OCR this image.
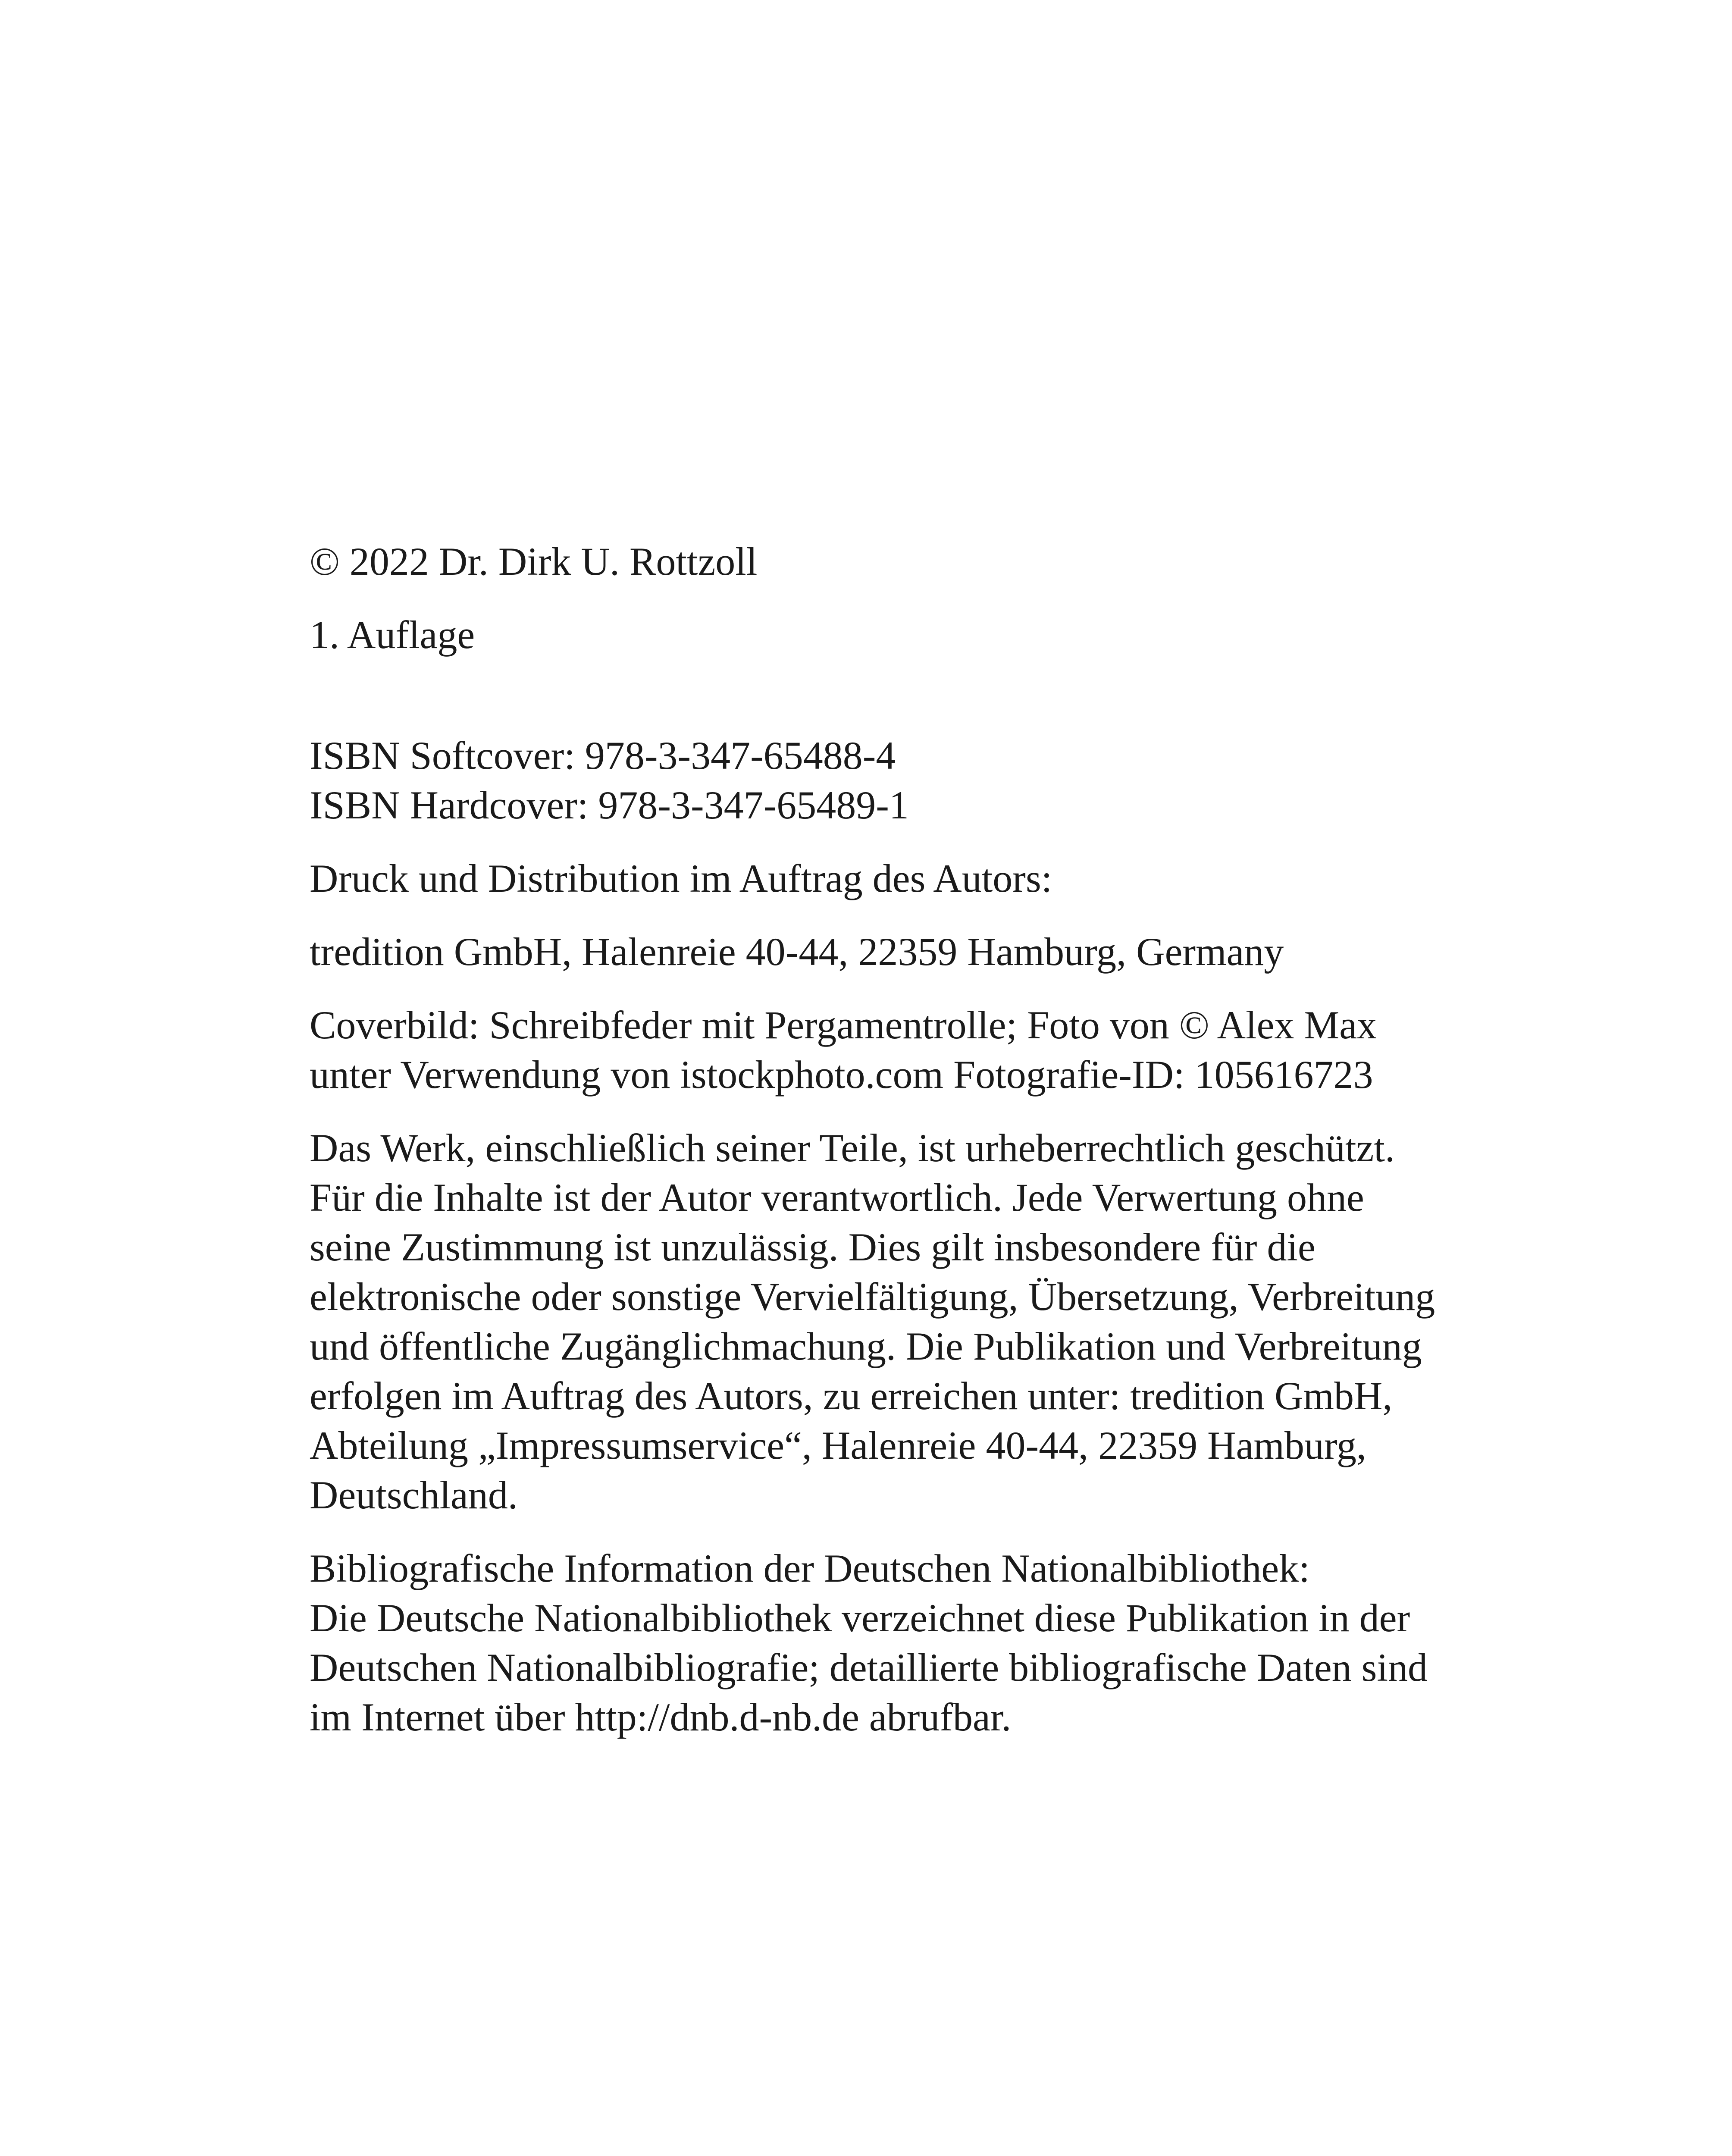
© 2022 Dr. Dirk U. Rottzoll

1. Auflage

ISBN Softcover: 978-3-347-65488-4
ISBN Hardcover: 978-3-347-65489-1

Druck und Distribution im Auftrag des Autors:

tredition GmbH, Halenreie 40-44, 22359 Hamburg, Germany

Coverbild: Schreibfeder mit Pergamentrolle; Foto von © Alex Max
unter Verwendung von istockphoto.com Fotografie-ID: 105616723
Das Werk, einschließlich seiner Teile, ist urheberrechtlich geschützt.
Für die Inhalte ist der Autor verantwortlich. Jede Verwertung ohne
seine Zustimmung ist unzulässig. Dies gilt insbesondere für die
elektronische oder sonstige Vervielfältigung, Übersetzung, Verbreitung
und öffentliche Zugänglichmachung. Die Publikation und Verbreitung
erfolgen im Auftrag des Autors, zu erreichen unter: tredition GmbH,
Abteilung „Impressumservice“, Halenreie 40-44, 22359 Hamburg,
Deutschland.
Bibliografische Information der Deutschen Nationalbibliothek:
Die Deutsche Nationalbibliothek verzeichnet diese Publikation in der
Deutschen Nationalbibliografie; detaillierte bibliografische Daten sind
im Internet über http://dnb.d-nb.de abrufbar.
